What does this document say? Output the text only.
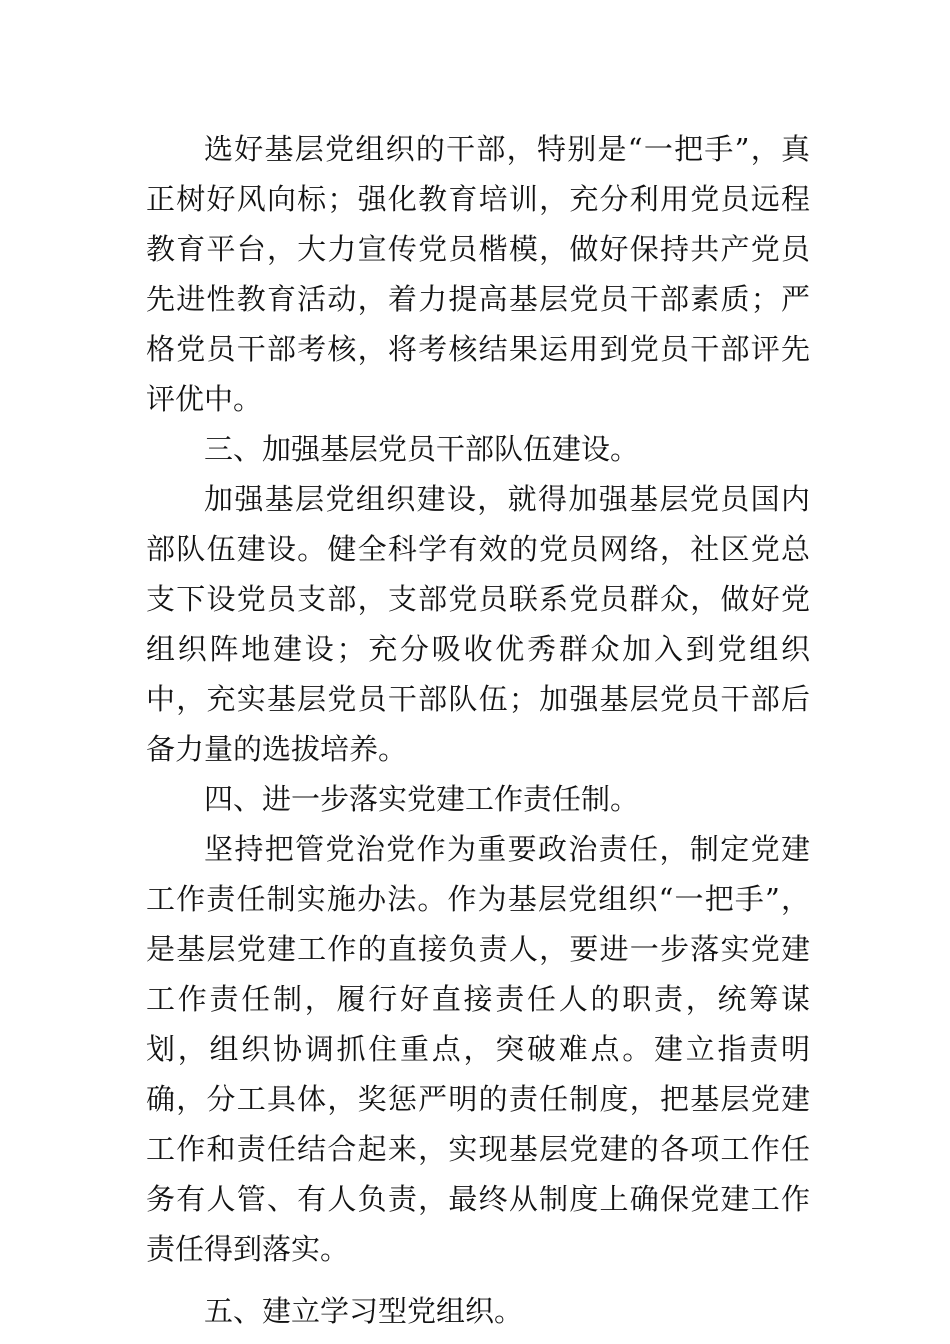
选好基层党组织的干部，特别是“一把手”，真正树好风向标；强化教育培训，充分利用党员远程教育平台，大力宣传党员楷模，做好保持共产党员先进性教育活动，着力提高基层党员干部素质；严格党员干部考核，将考核结果运用到党员干部评先评优中。

三、加强基层党员干部队伍建设。

加强基层党组织建设，就得加强基层党员国内部队伍建设。健全科学有效的党员网络，社区党总支下设党员支部，支部党员联系党员群众，做好党组织阵地建设；充分吸收优秀群众加入到党组织中，充实基层党员干部队伍；加强基层党员干部后备力量的选拔培养。

四、进一步落实党建工作责任制。

坚持把管党治党作为重要政治责任，制定党建工作责任制实施办法。作为基层党组织“一把手”，是基层党建工作的直接负责人，要进一步落实党建工作责任制，履行好直接责任人的职责，统筹谋划，组织协调抓住重点，突破难点。建立指责明确，分工具体，奖惩严明的责任制度，把基层党建工作和责任结合起来，实现基层党建的各项工作任务有人管、有人负责，最终从制度上确保党建工作责任得到落实。

五、建立学习型党组织。
